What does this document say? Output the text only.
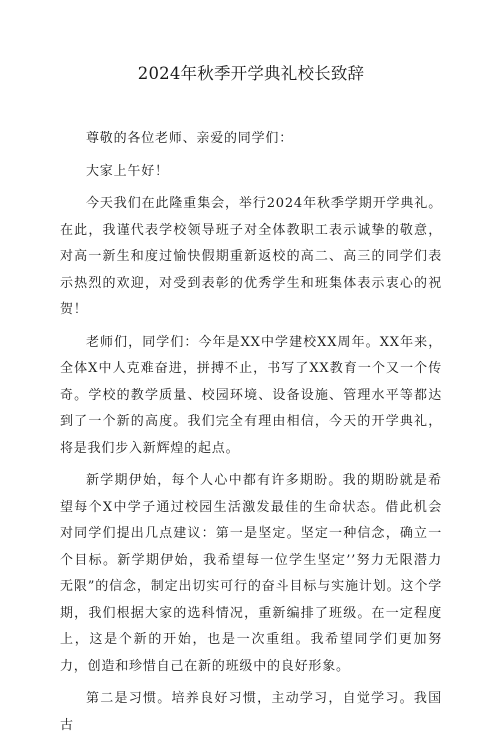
2024年秋季开学典礼校长致辞

尊敬的各位老师、亲爱的同学们：

大家上午好！

今天我们在此隆重集会，举行2024年秋季学期开学典礼。在此，我谨代表学校领导班子对全体教职工表示诚挚的敬意，对高一新生和度过愉快假期重新返校的高二、高三的同学们表示热烈的欢迎，对受到表彰的优秀学生和班集体表示衷心的祝贺！

老师们，同学们：今年是XX中学建校XX周年。XX年来，全体X中人克难奋进，拼搏不止，书写了XX教育一个又一个传奇。学校的教学质量、校园环境、设备设施、管理水平等都达到了一个新的高度。我们完全有理由相信，今天的开学典礼，将是我们步入新辉煌的起点。

新学期伊始，每个人心中都有许多期盼。我的期盼就是希望每个X中学子通过校园生活激发最佳的生命状态。借此机会对同学们提出几点建议：第一是坚定。坚定一种信念，确立一个目标。新学期伊始，我希望每一位学生坚定’’努力无限潜力无限”的信念，制定出切实可行的奋斗目标与实施计划。这个学期，我们根据大家的选科情况，重新编排了班级。在一定程度上，这是个新的开始，也是一次重组。我希望同学们更加努力，创造和珍惜自己在新的班级中的良好形象。

第二是习惯。培养良好习惯，主动学习，自觉学习。我国古
